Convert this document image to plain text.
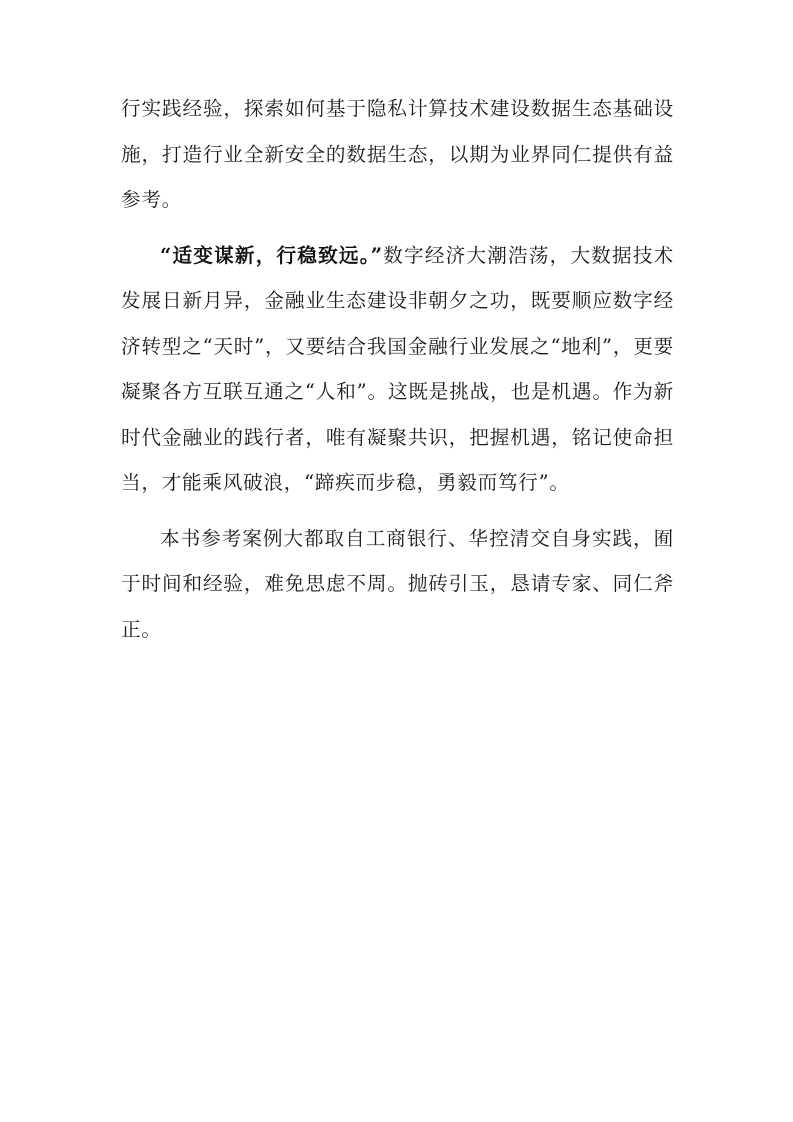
行实践经验，探索如何基于隐私计算技术建设数据生态基础设施，打造行业全新安全的数据生态，以期为业界同仁提供有益参考。

“适变谋新，行稳致远。”数字经济大潮浩荡，大数据技术发展日新月异，金融业生态建设非朝夕之功，既要顺应数字经济转型之“天时”，又要结合我国金融行业发展之“地利”，更要凝聚各方互联互通之“人和”。这既是挑战，也是机遇。作为新时代金融业的践行者，唯有凝聚共识，把握机遇，铭记使命担当，才能乘风破浪，“蹄疾而步稳，勇毅而笃行”。

本书参考案例大都取自工商银行、华控清交自身实践，囿于时间和经验，难免思虑不周。抛砖引玉，恳请专家、同仁斧正。
